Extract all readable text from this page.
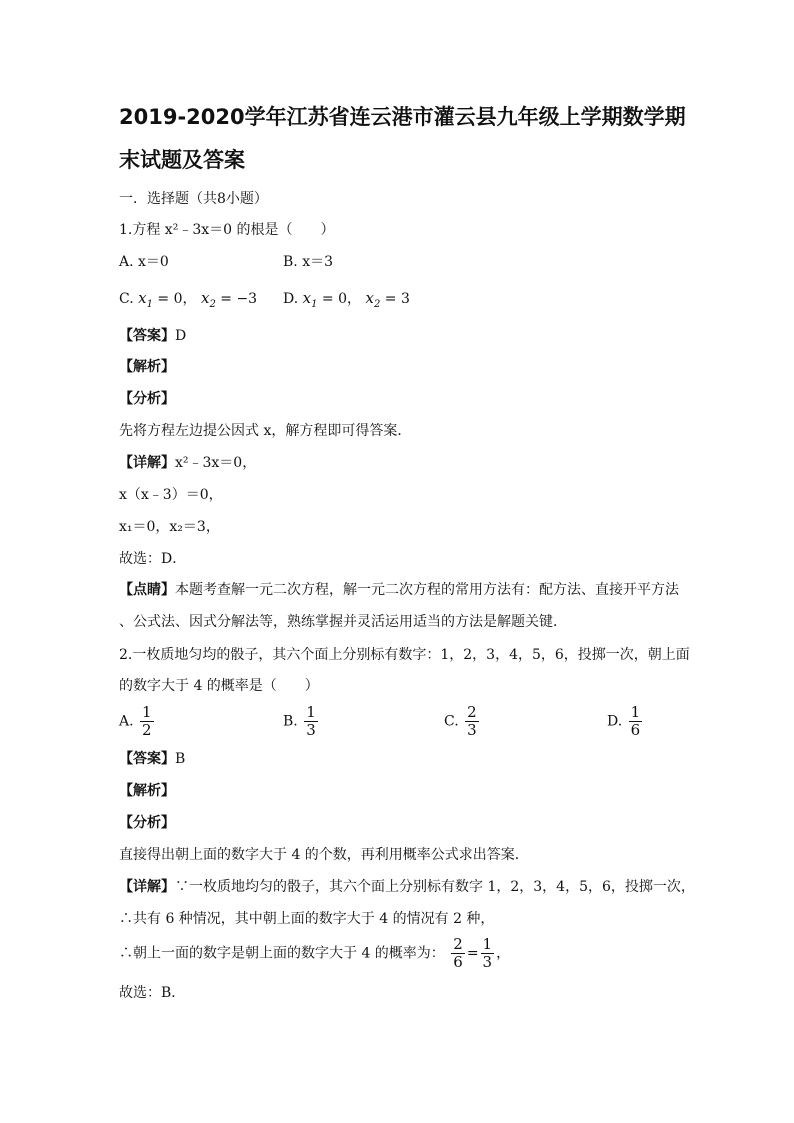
2019-2020学年江苏省连云港市灌云县九年级上学期数学期
末试题及答案
一．选择题（共8小题）
1.方程 x²﹣3x＝0 的根是（　　）
A. x＝0	B. x＝3
C. $x_1 = 0$， $x_2 = -3$ D. $x_1 = 0$， $x_2 = 3$
【答案】D
【解析】
【分析】
先将方程左边提公因式 x，解方程即可得答案．
【详解】x²﹣3x＝0，
x（x﹣3）＝0，
x₁＝0，x₂＝3，
故选：D．
【点睛】本题考查解一元二次方程，解一元二次方程的常用方法有：配方法、直接开平方法
、公式法、因式分解法等，熟练掌握并灵活运用适当的方法是解题关键．
2.一枚质地匀均的骰子，其六个面上分别标有数字：1，2，3，4，5，6，投掷一次，朝上面
的数字大于 4 的概率是（　　）
A. $\frac{1}{2}$	B. $\frac{1}{3}$	C. $\frac{2}{3}$	D. $\frac{1}{6}$
【答案】B
【解析】
【分析】
直接得出朝上面的数字大于 4 的个数，再利用概率公式求出答案．
【详解】∵一枚质地均匀的骰子，其六个面上分别标有数字 1，2，3，4，5，6，投掷一次，
∴共有 6 种情况，其中朝上面的数字大于 4 的情况有 2 种，
∴朝上一面的数字是朝上面的数字大于 4 的概率为： $\frac{2}{6} = \frac{1}{3}$ ，
故选：B．
